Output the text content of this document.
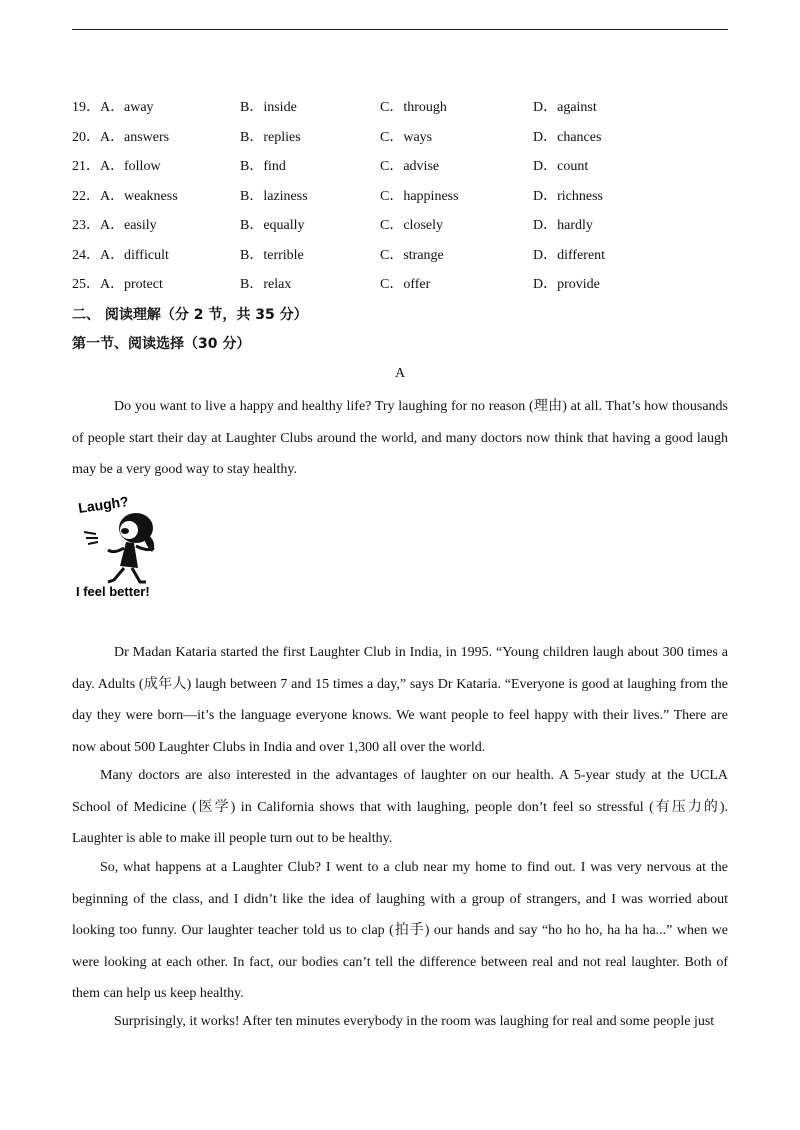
19．A． away	B．inside	C．through	D．against
20．A． answers	B．replies	C．ways	D．chances
21．A． follow	B．find	C．advise	D．count
22．A． weakness	B．laziness	C．happiness	D．richness
23．A． easily	B．equally	C．closely	D．hardly
24．A． difficult	B．terrible	C．strange	D．different
25．A． protect	B．relax	C．offer	D．provide
二、 阅读理解（分 2 节，共 35 分）
第一节、阅读选择（30 分）
A

Do you want to live a happy and healthy life? Try laughing for no reason (理由) at all. That’s how thousands of people start their day at Laughter Clubs around the world, and many doctors now think that having a good laugh may be a very good way to stay healthy.

Laugh?
I feel better!

Dr Madan Kataria started the first Laughter Club in India, in 1995. “Young children laugh about 300 times a day. Adults (成年人) laugh between 7 and 15 times a day,” says Dr Kataria. “Everyone is good at laughing from the day they were born—it’s the language everyone knows. We want people to feel happy with their lives.” There are now about 500 Laughter Clubs in India and over 1,300 all over the world.

Many doctors are also interested in the advantages of laughter on our health. A 5-year study at the UCLA School of Medicine (医学) in California shows that with laughing, people don’t feel so stressful (有压力的). Laughter is able to make ill people turn out to be healthy.

So, what happens at a Laughter Club? I went to a club near my home to find out. I was very nervous at the beginning of the class, and I didn’t like the idea of laughing with a group of strangers, and I was worried about looking too funny. Our laughter teacher told us to clap (拍手) our hands and say “ho ho ho, ha ha ha...” when we were looking at each other. In fact, our bodies can’t tell the difference between real and not real laughter. Both of them can help us keep healthy.

Surprisingly, it works! After ten minutes everybody in the room was laughing for real and some people just
